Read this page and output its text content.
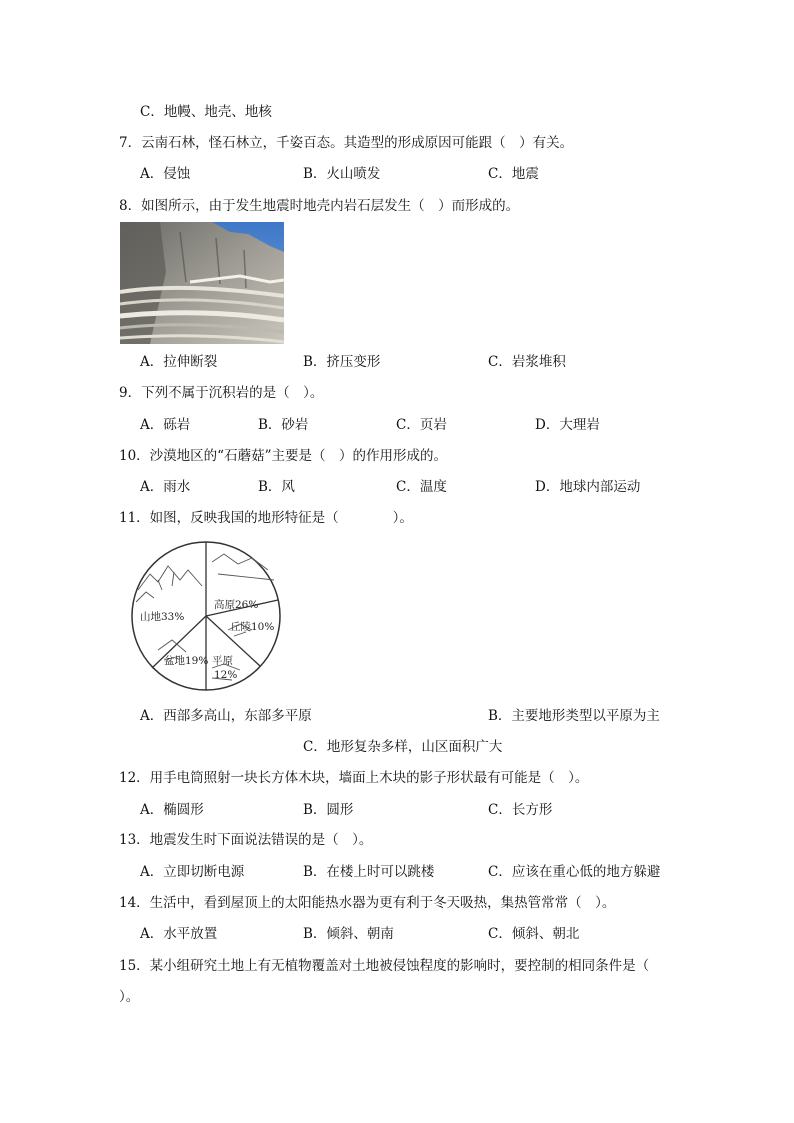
C．地幔、地壳、地核
7．云南石林，怪石林立，千姿百态。其造型的形成原因可能跟（　）有关。
A．侵蚀	B．火山喷发	C．地震
8．如图所示，由于发生地震时地壳内岩石层发生（　）而形成的。
A．拉伸断裂	B．挤压变形	C．岩浆堆积
9．下列不属于沉积岩的是（　）。
A．砾岩	B．砂岩	C．页岩	D．大理岩
10．沙漠地区的“石蘑菇”主要是（　）的作用形成的。
A．雨水	B．风	C．温度	D．地球内部运动
11．如图，反映我国的地形特征是（　　　　）。
山地33%
高原26%
丘陵10%
盆地19% 平原
12%
A．西部多高山，东部多平原	B．主要地形类型以平原为主
C．地形复杂多样，山区面积广大
12．用手电筒照射一块长方体木块，墙面上木块的影子形状最有可能是（　）。
A．椭圆形	B．圆形	C．长方形
13．地震发生时下面说法错误的是（　）。
A．立即切断电源	B．在楼上时可以跳楼	C．应该在重心低的地方躲避
14．生活中，看到屋顶上的太阳能热水器为更有利于冬天吸热，集热管常常（　）。
A．水平放置	B．倾斜、朝南	C．倾斜、朝北
15．某小组研究土地上有无植物覆盖对土地被侵蚀程度的影响时，要控制的相同条件是（
）。
